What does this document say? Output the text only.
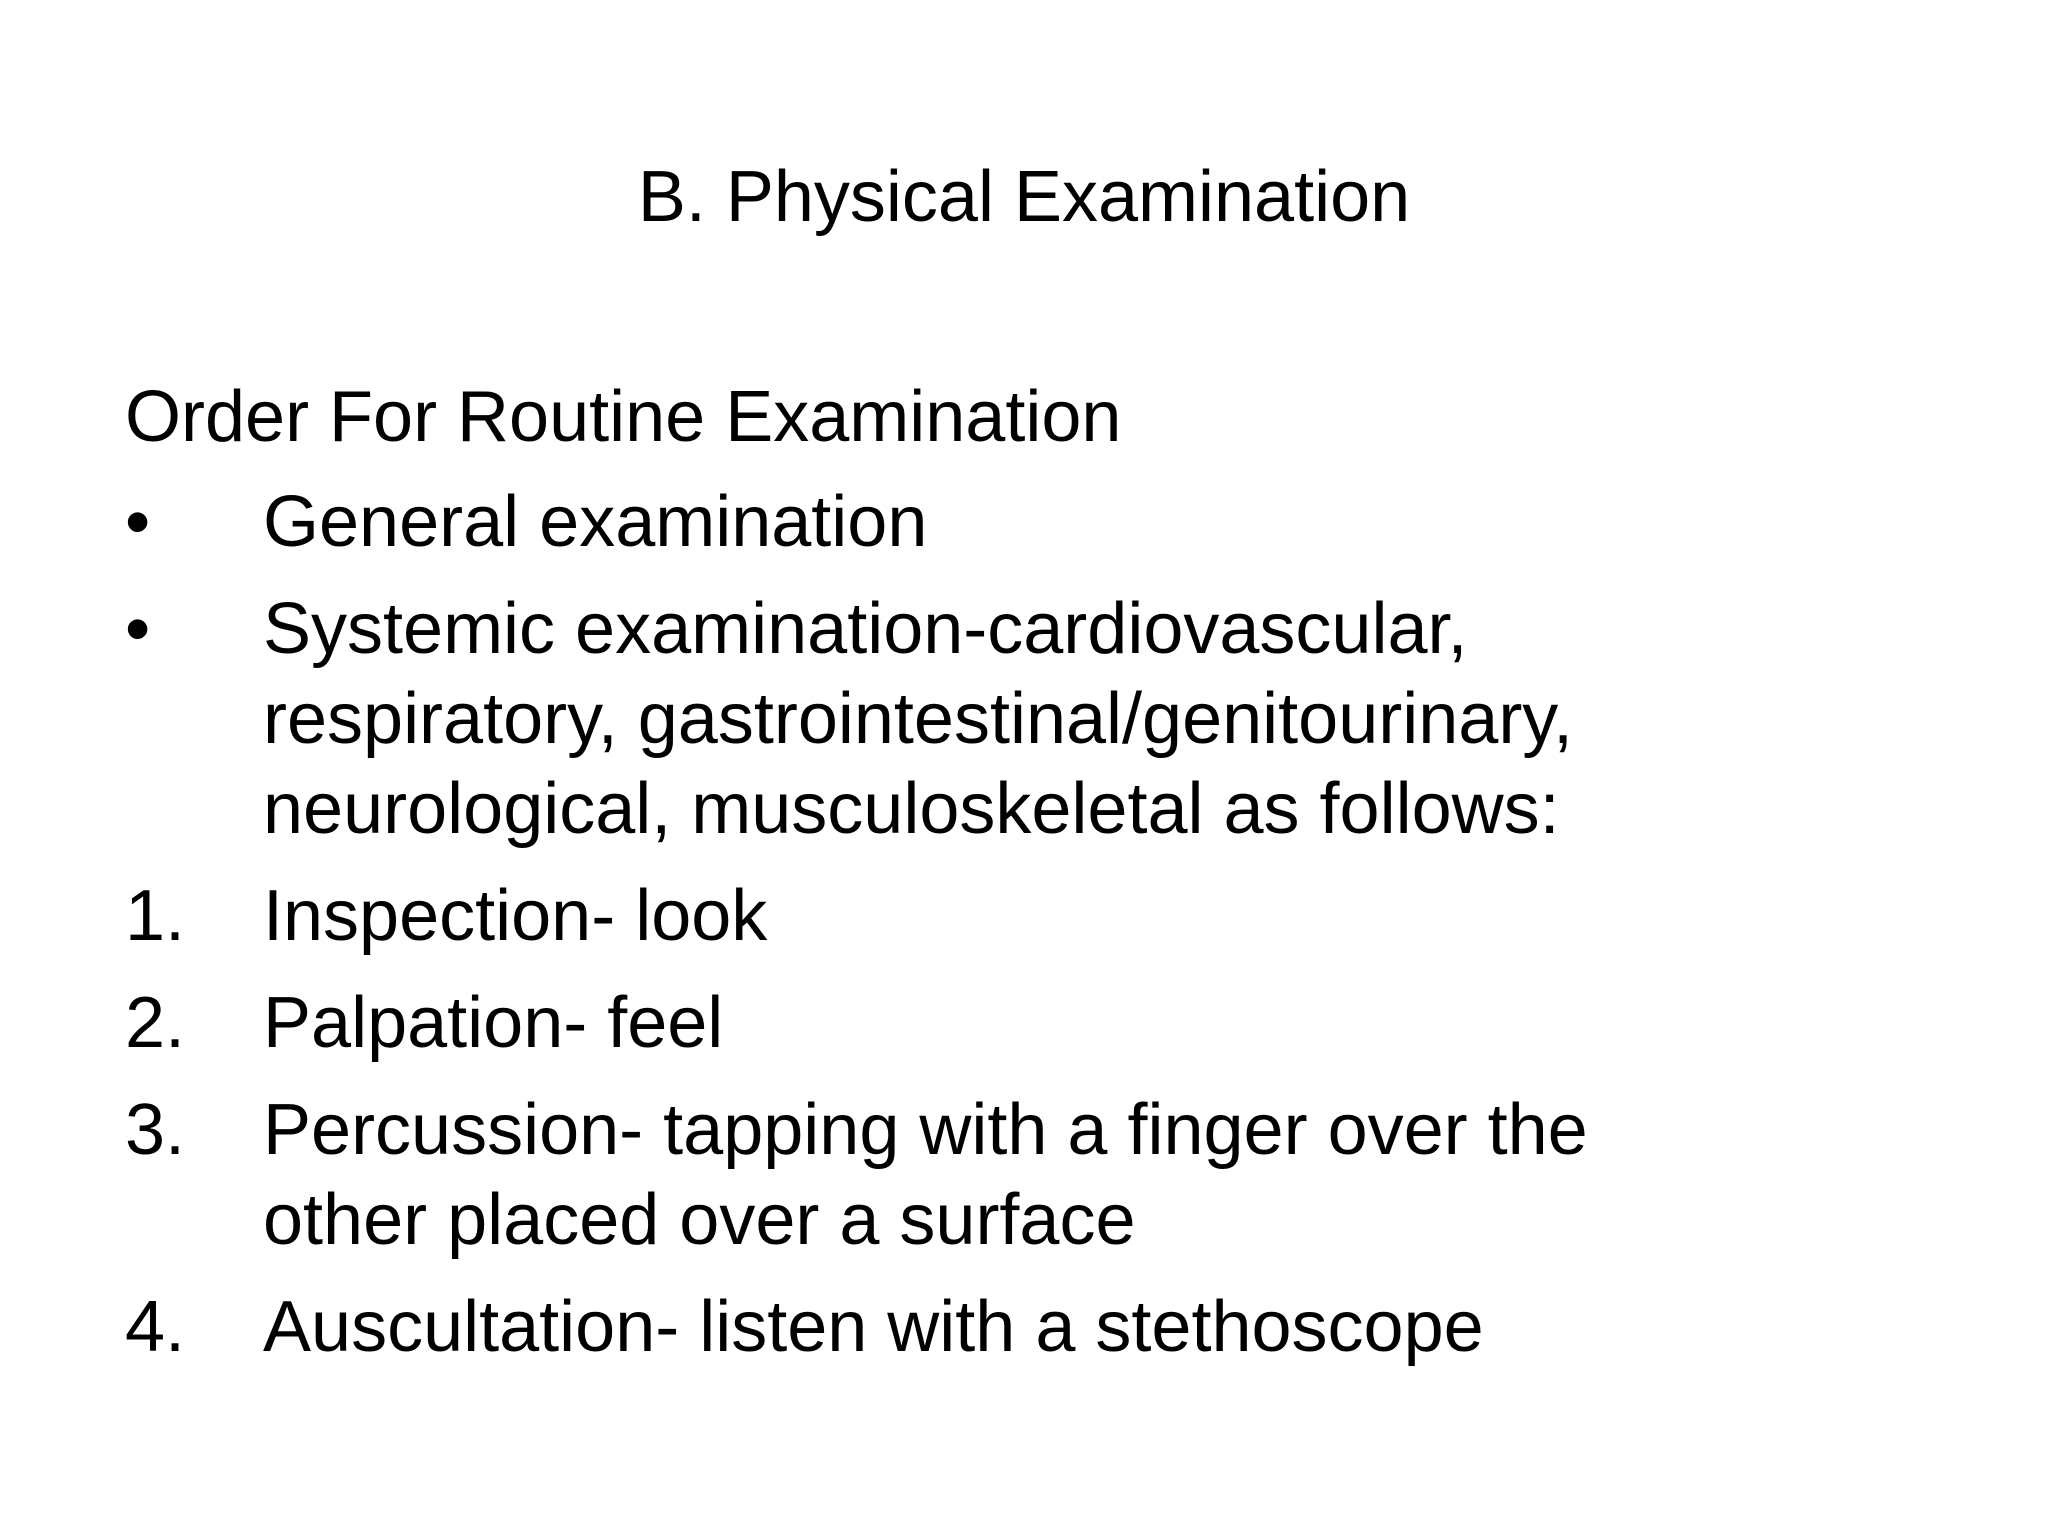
B. Physical Examination
Order For Routine Examination
•	General examination
•	Systemic examination-cardiovascular,
respiratory, gastrointestinal/genitourinary,
neurological, musculoskeletal as follows:
1.	Inspection- look
2.	Palpation- feel
3.	Percussion- tapping with a finger over the
other placed over a surface
4.	Auscultation- listen with a stethoscope
